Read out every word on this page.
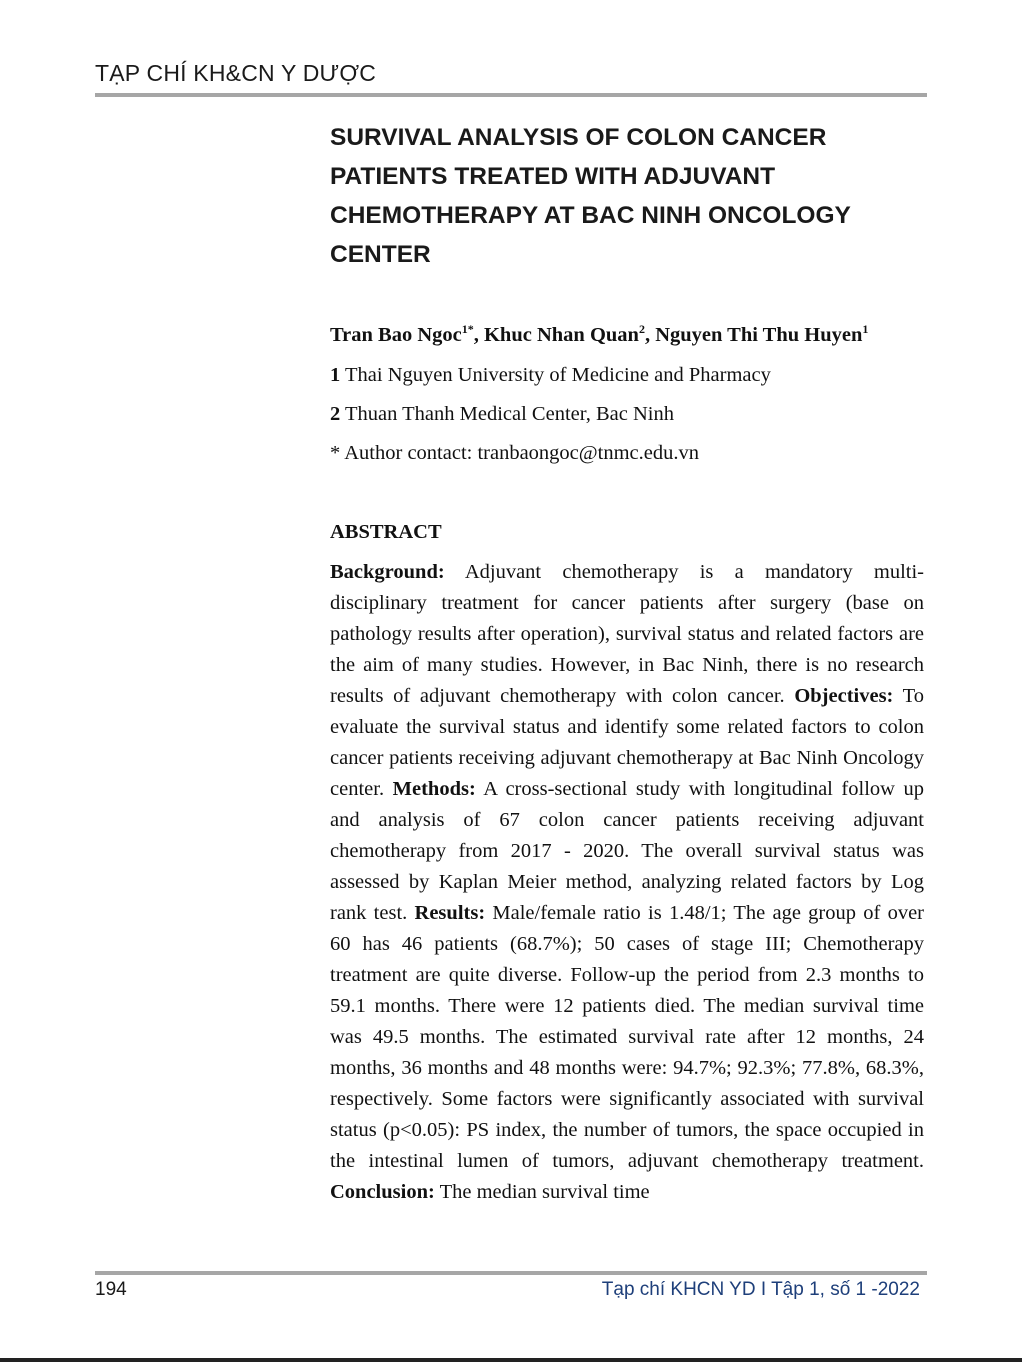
TẠP CHÍ KH&CN Y DƯỢC
SURVIVAL ANALYSIS OF COLON CANCER PATIENTS TREATED WITH ADJUVANT CHEMOTHERAPY AT BAC NINH ONCOLOGY CENTER
Tran Bao Ngoc$^{1*}$, Khuc Nhan Quan$^2$, Nguyen Thi Thu Huyen$^1$
1 Thai Nguyen University of Medicine and Pharmacy
2 Thuan Thanh Medical Center, Bac Ninh
* Author contact: tranbaongoc@tnmc.edu.vn
ABSTRACT

Background: Adjuvant chemotherapy is a mandatory multi-disciplinary treatment for cancer patients after surgery (base on pathology results after operation), survival status and related factors are the aim of many studies. However, in Bac Ninh, there is no research results of adjuvant chemotherapy with colon cancer. Objectives: To evaluate the survival status and identify some related factors to colon cancer patients receiving adjuvant chemotherapy at Bac Ninh Oncology center. Methods: A cross-sectional study with longitudinal follow up and analysis of 67 colon cancer patients receiving adjuvant chemotherapy from 2017 - 2020. The overall survival status was assessed by Kaplan Meier method, analyzing related factors by Log rank test. Results: Male/female ratio is 1.48/1; The age group of over 60 has 46 patients (68.7%); 50 cases of stage III; Chemotherapy treatment are quite diverse. Follow-up the period from 2.3 months to 59.1 months. There were 12 patients died. The median survival time was 49.5 months. The estimated survival rate after 12 months, 24 months, 36 months and 48 months were: 94.7%; 92.3%; 77.8%, 68.3%, respectively. Some factors were significantly associated with survival status (p<0.05): PS index, the number of tumors, the space occupied in the intestinal lumen of tumors, adjuvant chemotherapy treatment. Conclusion: The median survival time

194	Tạp chí KHCN YD I Tập 1, số 1 -2022
